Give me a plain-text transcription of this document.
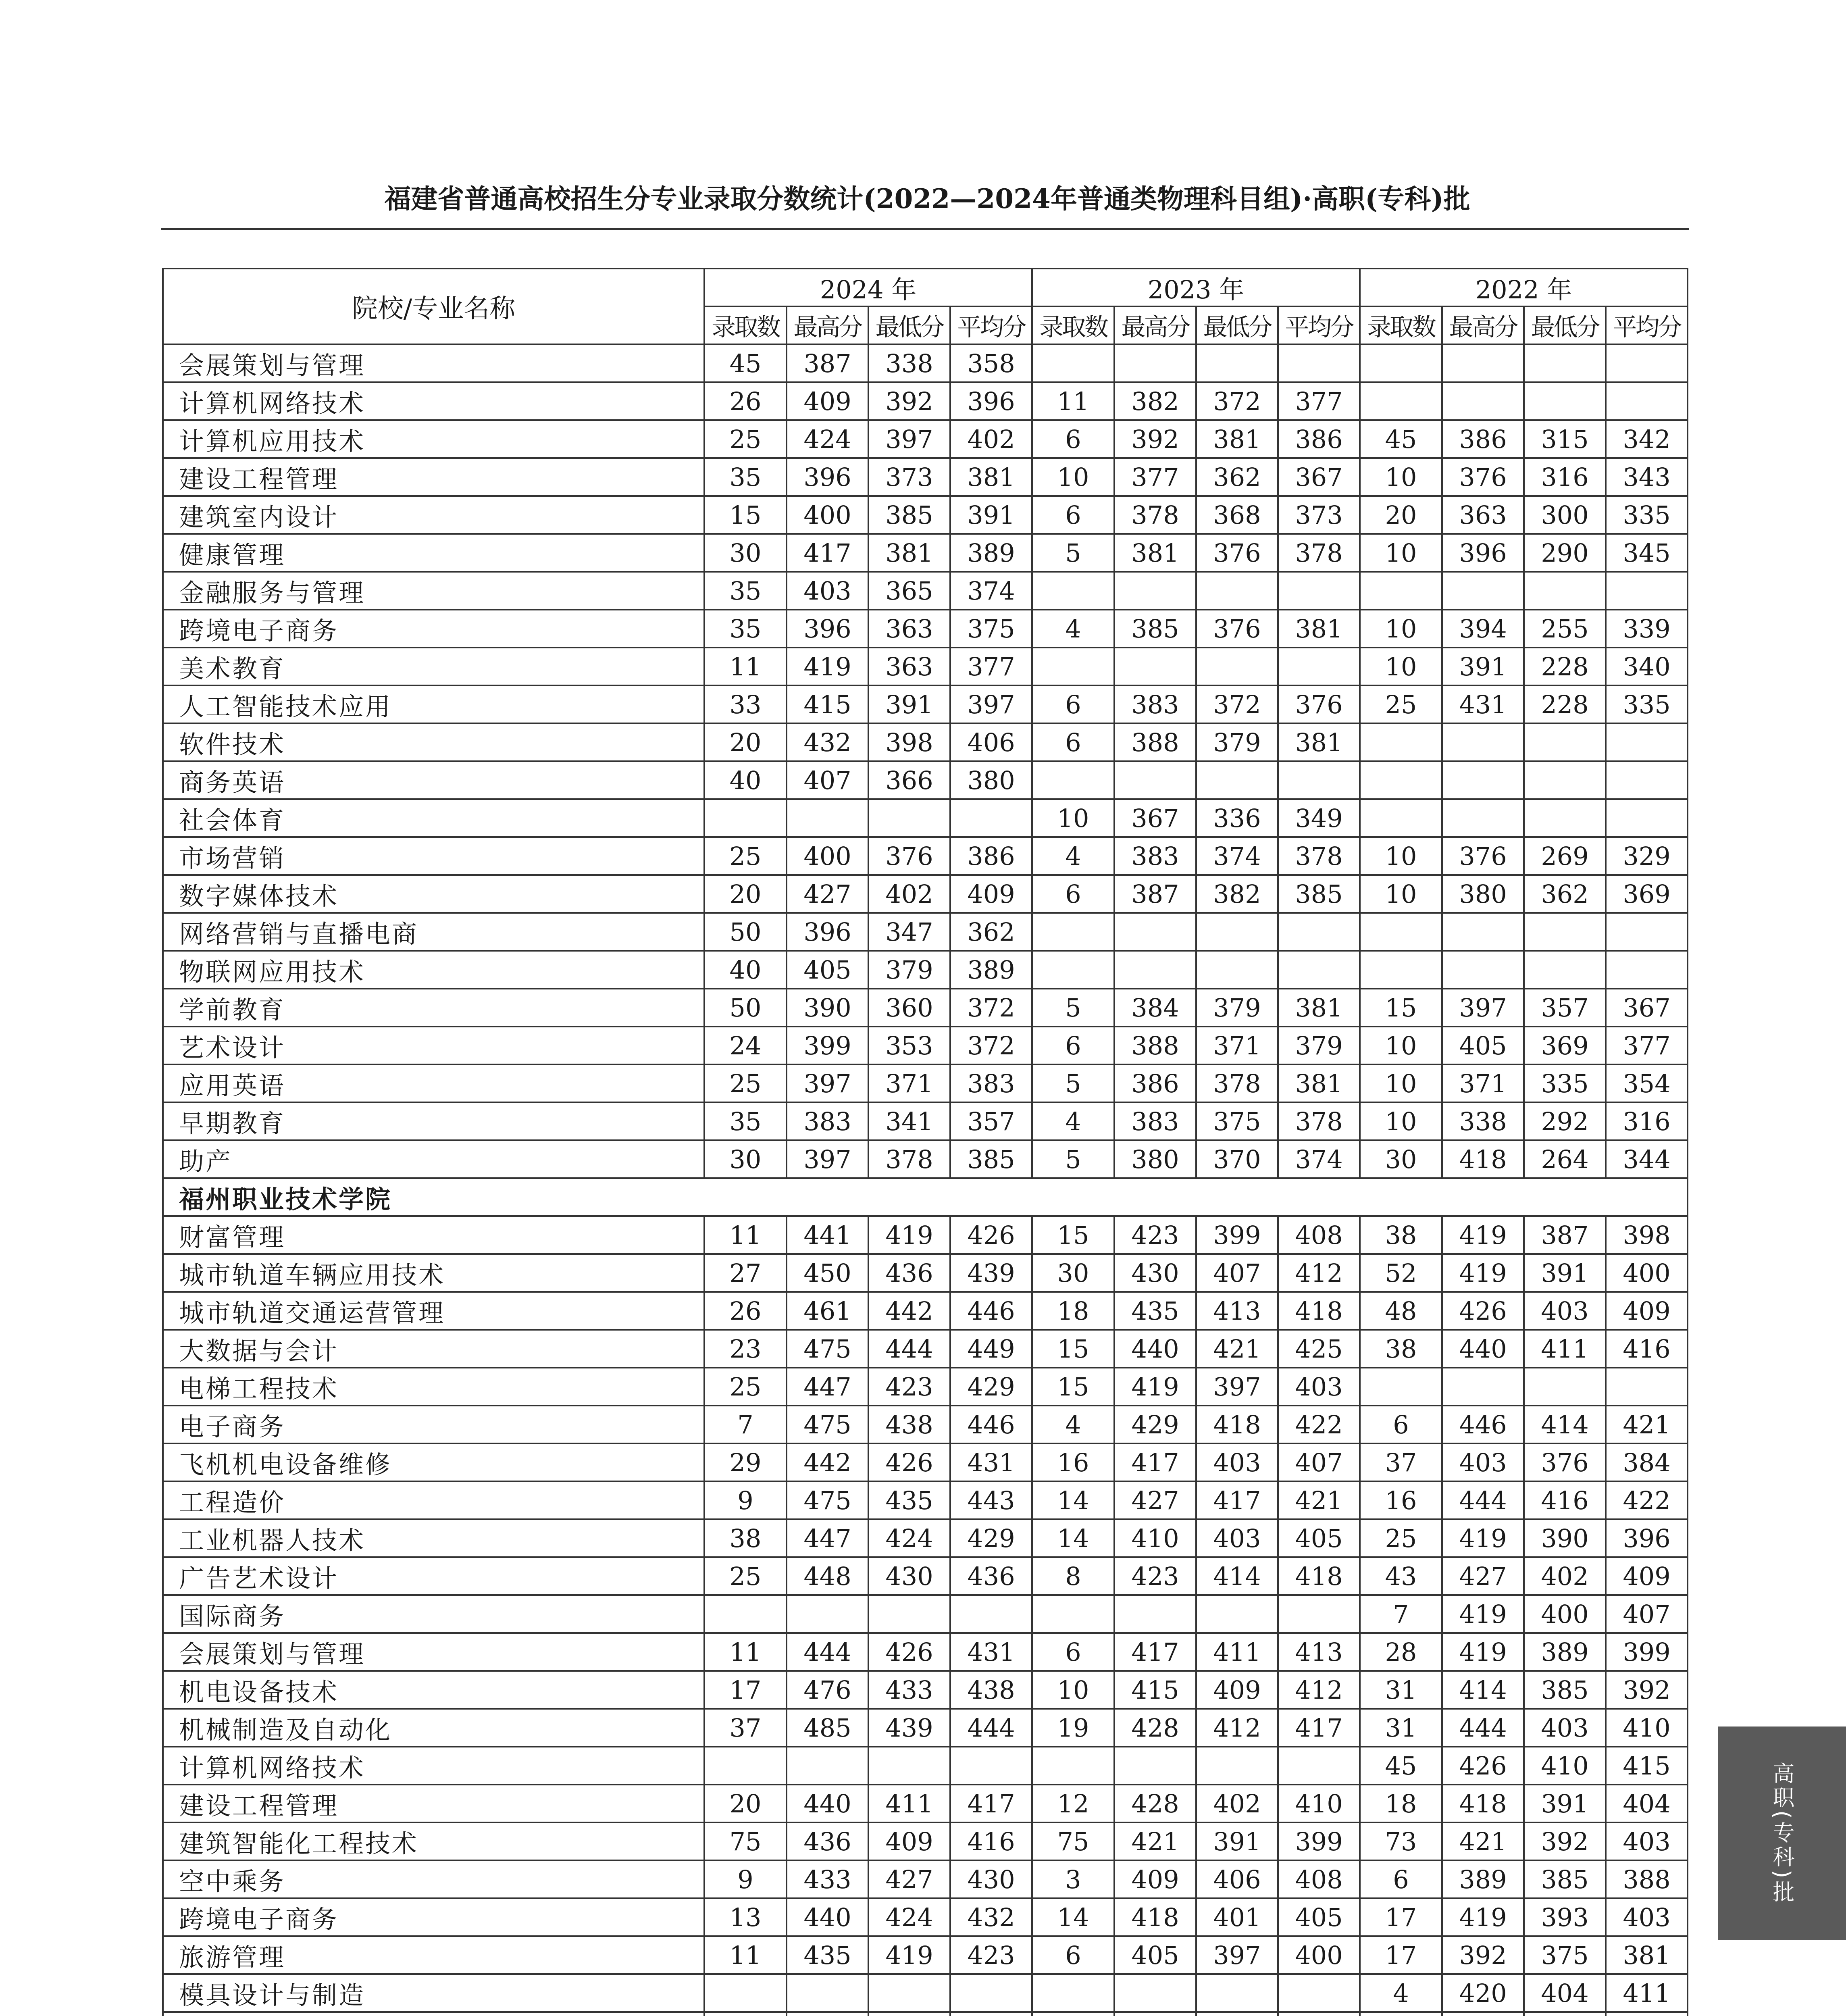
福建省普通高校招生分专业录取分数统计(2022—2024年普通类物理科目组)·高职(专科)批
院校/专业名称	2024 年				2023 年				2022 年			
	录取数	最高分	最低分	平均分	录取数	最高分	最低分	平均分	录取数	最高分	最低分	平均分
会展策划与管理	45	387	338	358								
计算机网络技术	26	409	392	396	11	382	372	377				
计算机应用技术	25	424	397	402	6	392	381	386	45	386	315	342
建设工程管理	35	396	373	381	10	377	362	367	10	376	316	343
建筑室内设计	15	400	385	391	6	378	368	373	20	363	300	335
健康管理	30	417	381	389	5	381	376	378	10	396	290	345
金融服务与管理	35	403	365	374								
跨境电子商务	35	396	363	375	4	385	376	381	10	394	255	339
美术教育	11	419	363	377					10	391	228	340
人工智能技术应用	33	415	391	397	6	383	372	376	25	431	228	335
软件技术	20	432	398	406	6	388	379	381				
商务英语	40	407	366	380								
社会体育					10	367	336	349				
市场营销	25	400	376	386	4	383	374	378	10	376	269	329
数字媒体技术	20	427	402	409	6	387	382	385	10	380	362	369
网络营销与直播电商	50	396	347	362								
物联网应用技术	40	405	379	389								
学前教育	50	390	360	372	5	384	379	381	15	397	357	367
艺术设计	24	399	353	372	6	388	371	379	10	405	369	377
应用英语	25	397	371	383	5	386	378	381	10	371	335	354
早期教育	35	383	341	357	4	383	375	378	10	338	292	316
助产	30	397	378	385	5	380	370	374	30	418	264	344
福州职业技术学院												
财富管理	11	441	419	426	15	423	399	408	38	419	387	398
城市轨道车辆应用技术	27	450	436	439	30	430	407	412	52	419	391	400
城市轨道交通运营管理	26	461	442	446	18	435	413	418	48	426	403	409
大数据与会计	23	475	444	449	15	440	421	425	38	440	411	416
电梯工程技术	25	447	423	429	15	419	397	403				
电子商务	7	475	438	446	4	429	418	422	6	446	414	421
飞机机电设备维修	29	442	426	431	16	417	403	407	37	403	376	384
工程造价	9	475	435	443	14	427	417	421	16	444	416	422
工业机器人技术	38	447	424	429	14	410	403	405	25	419	390	396
广告艺术设计	25	448	430	436	8	423	414	418	43	427	402	409
国际商务									7	419	400	407
会展策划与管理	11	444	426	431	6	417	411	413	28	419	389	399
机电设备技术	17	476	433	438	10	415	409	412	31	414	385	392
机械制造及自动化	37	485	439	444	19	428	412	417	31	444	403	410
计算机网络技术									45	426	410	415
建设工程管理	20	440	411	417	12	428	402	410	18	418	391	404
建筑智能化工程技术	75	436	409	416	75	421	391	399	73	421	392	403
空中乘务	9	433	427	430	3	409	406	408	6	389	385	388
跨境电子商务	13	440	424	432	14	418	401	405	17	419	393	403
旅游管理	11	435	419	423	6	405	397	400	17	392	375	381
模具设计与制造									4	420	404	411

高职(专科)批
